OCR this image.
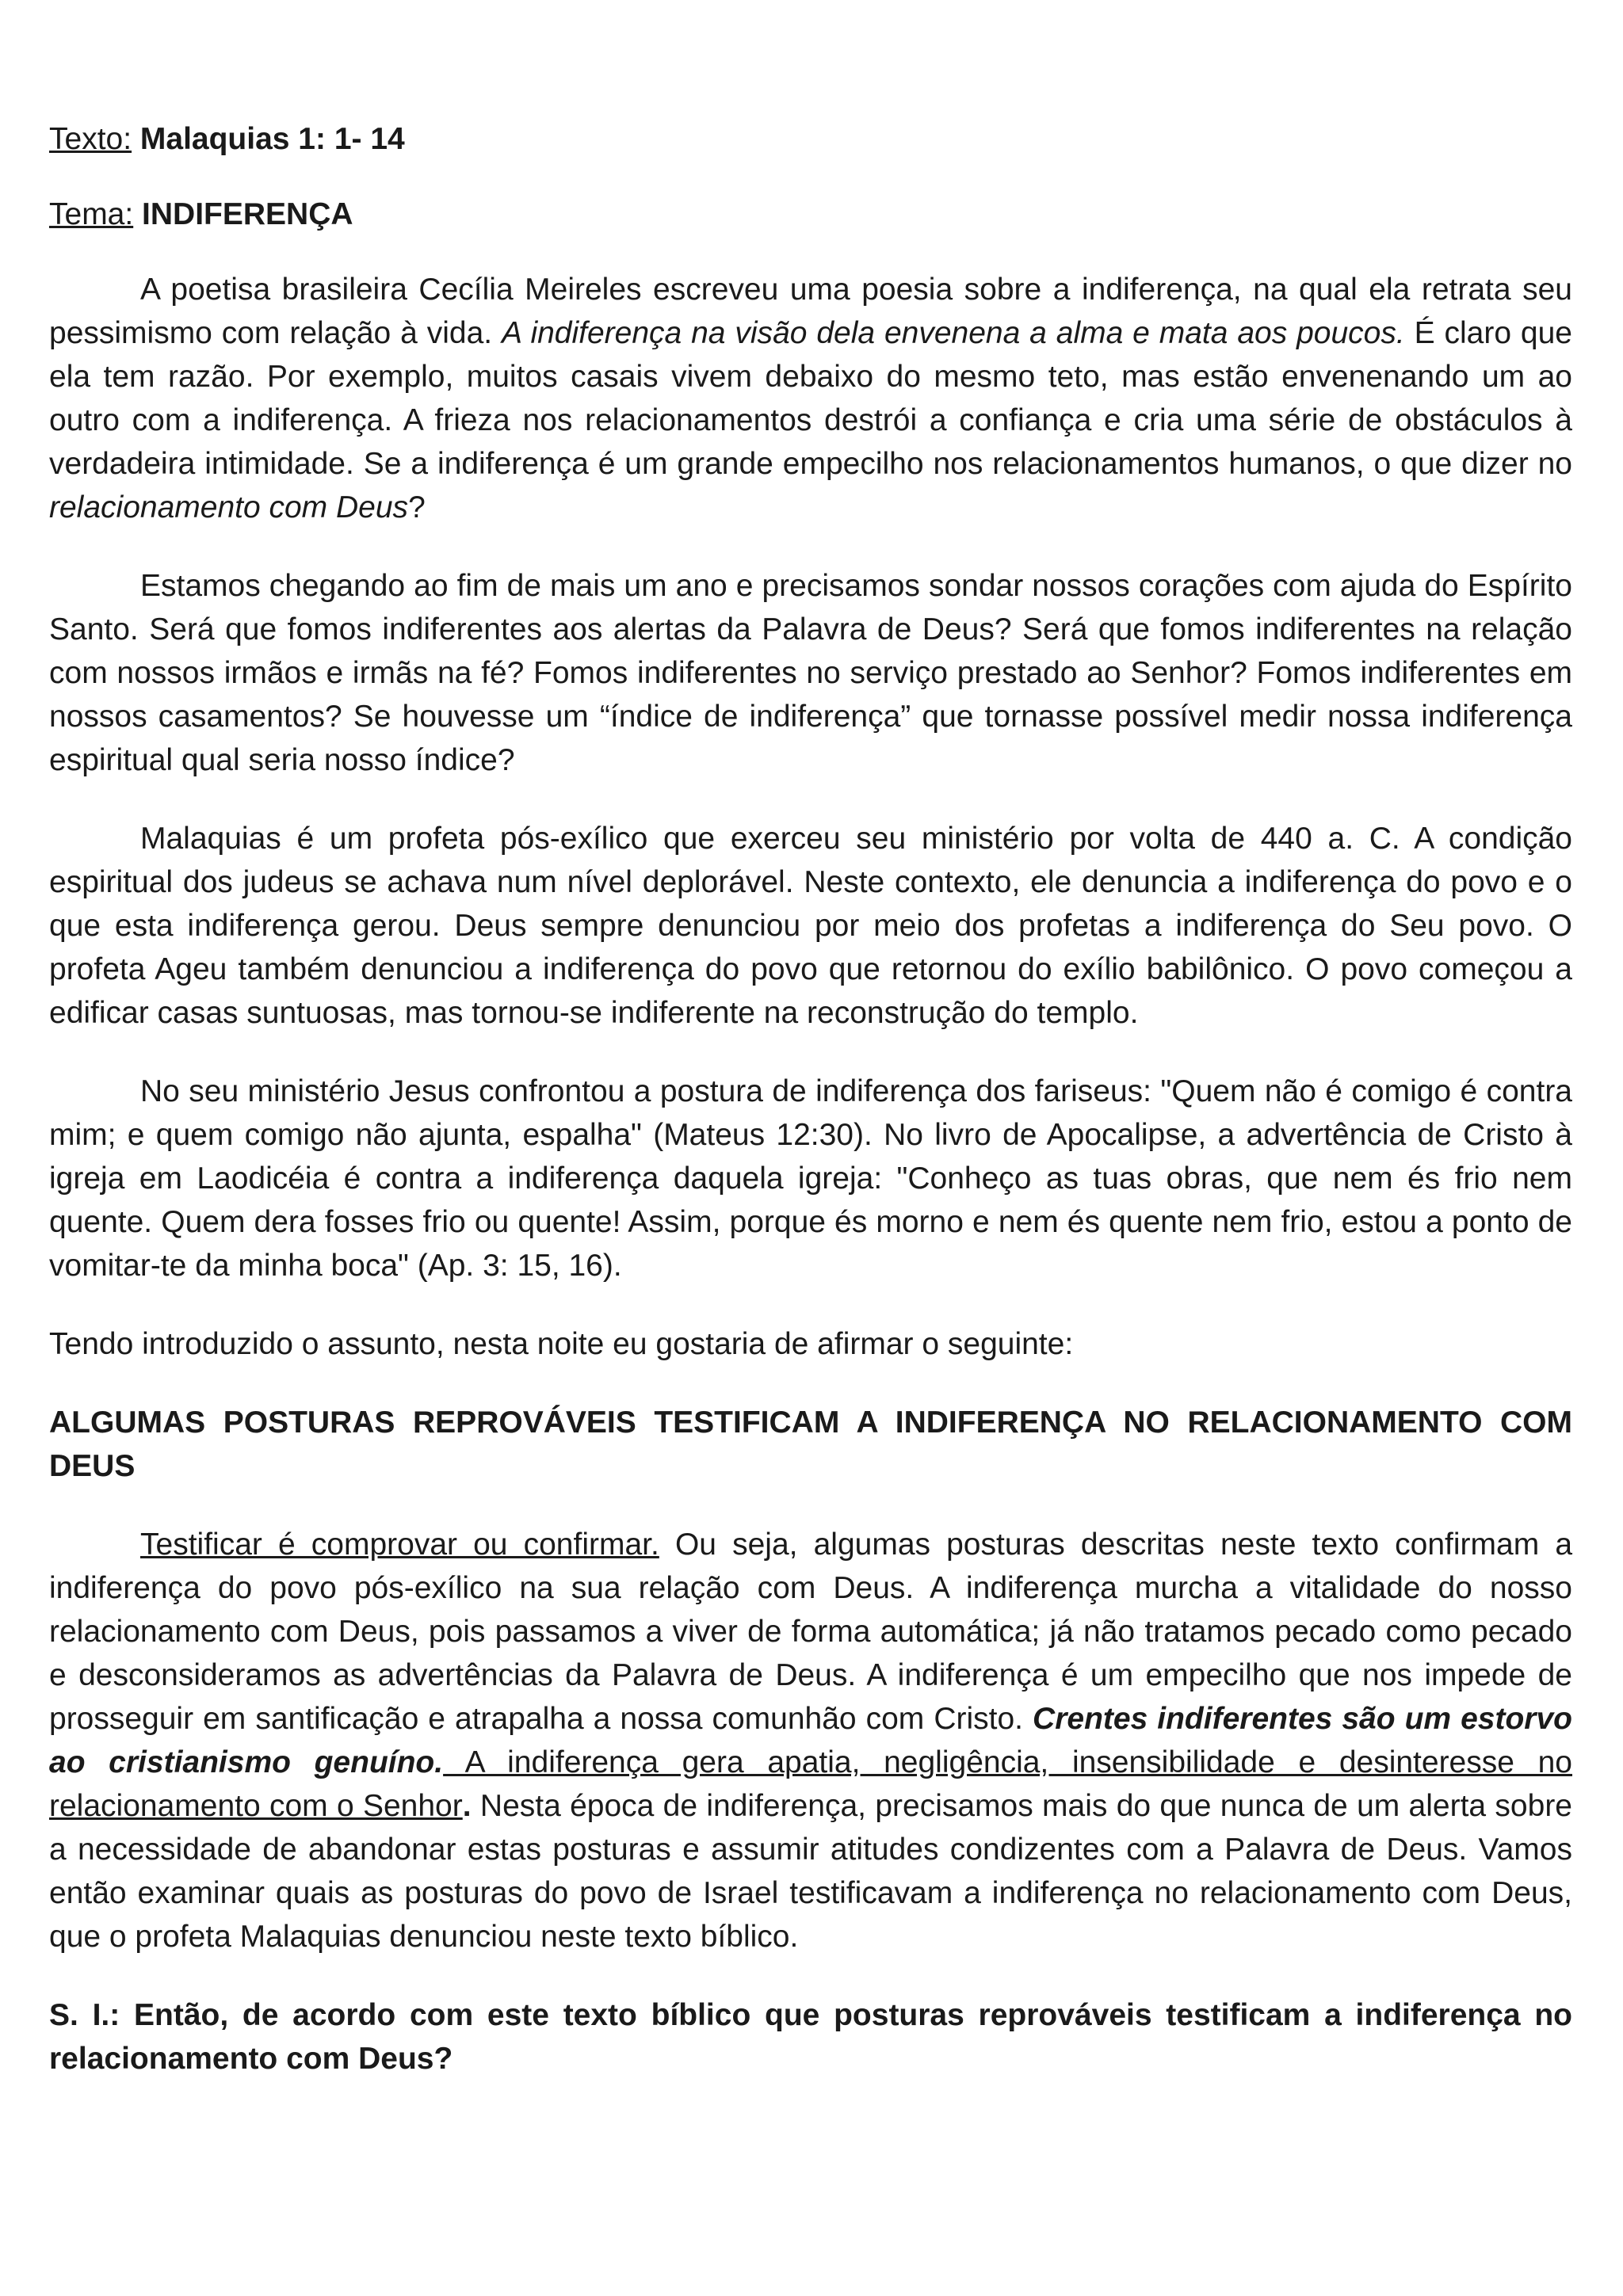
Texto: Malaquias 1: 1- 14
Tema: INDIFERENÇA

A poetisa brasileira Cecília Meireles escreveu uma poesia sobre a indiferença, na qual ela retrata seu pessimismo com relação à vida. A indiferença na visão dela envenena a alma e mata aos poucos. É claro que ela tem razão. Por exemplo, muitos casais vivem debaixo do mesmo teto, mas estão envenenando um ao outro com a indiferença. A frieza nos relacionamentos destrói a confiança e cria uma série de obstáculos à verdadeira intimidade. Se a indiferença é um grande empecilho nos relacionamentos humanos, o que dizer no relacionamento com Deus?

Estamos chegando ao fim de mais um ano e precisamos sondar nossos corações com ajuda do Espírito Santo. Será que fomos indiferentes aos alertas da Palavra de Deus? Será que fomos indiferentes na relação com nossos irmãos e irmãs na fé? Fomos indiferentes no serviço prestado ao Senhor? Fomos indiferentes em nossos casamentos? Se houvesse um “índice de indiferença” que tornasse possível medir nossa indiferença espiritual qual seria nosso índice?

Malaquias é um profeta pós-exílico que exerceu seu ministério por volta de 440 a. C. A condição espiritual dos judeus se achava num nível deplorável. Neste contexto, ele denuncia a indiferença do povo e o que esta indiferença gerou. Deus sempre denunciou por meio dos profetas a indiferença do Seu povo. O profeta Ageu também denunciou a indiferença do povo que retornou do exílio babilônico. O povo começou a edificar casas suntuosas, mas tornou-se indiferente na reconstrução do templo.

No seu ministério Jesus confrontou a postura de indiferença dos fariseus: "Quem não é comigo é contra mim; e quem comigo não ajunta, espalha" (Mateus 12:30). No livro de Apocalipse, a advertência de Cristo à igreja em Laodicéia é contra a indiferença daquela igreja: "Conheço as tuas obras, que nem és frio nem quente. Quem dera fosses frio ou quente! Assim, porque és morno e nem és quente nem frio, estou a ponto de vomitar-te da minha boca" (Ap. 3: 15, 16).

Tendo introduzido o assunto, nesta noite eu gostaria de afirmar o seguinte:

ALGUMAS POSTURAS REPROVÁVEIS TESTIFICAM A INDIFERENÇA NO RELACIONAMENTO COM DEUS

Testificar é comprovar ou confirmar. Ou seja, algumas posturas descritas neste texto confirmam a indiferença do povo pós-exílico na sua relação com Deus. A indiferença murcha a vitalidade do nosso relacionamento com Deus, pois passamos a viver de forma automática; já não tratamos pecado como pecado e desconsideramos as advertências da Palavra de Deus. A indiferença é um empecilho que nos impede de prosseguir em santificação e atrapalha a nossa comunhão com Cristo. Crentes indiferentes são um estorvo ao cristianismo genuíno. A indiferença gera apatia, negligência, insensibilidade e desinteresse no relacionamento com o Senhor. Nesta época de indiferença, precisamos mais do que nunca de um alerta sobre a necessidade de abandonar estas posturas e assumir atitudes condizentes com a Palavra de Deus. Vamos então examinar quais as posturas do povo de Israel testificavam a indiferença no relacionamento com Deus, que o profeta Malaquias denunciou neste texto bíblico.

S. I.: Então, de acordo com este texto bíblico que posturas reprováveis testificam a indiferença no relacionamento com Deus?
